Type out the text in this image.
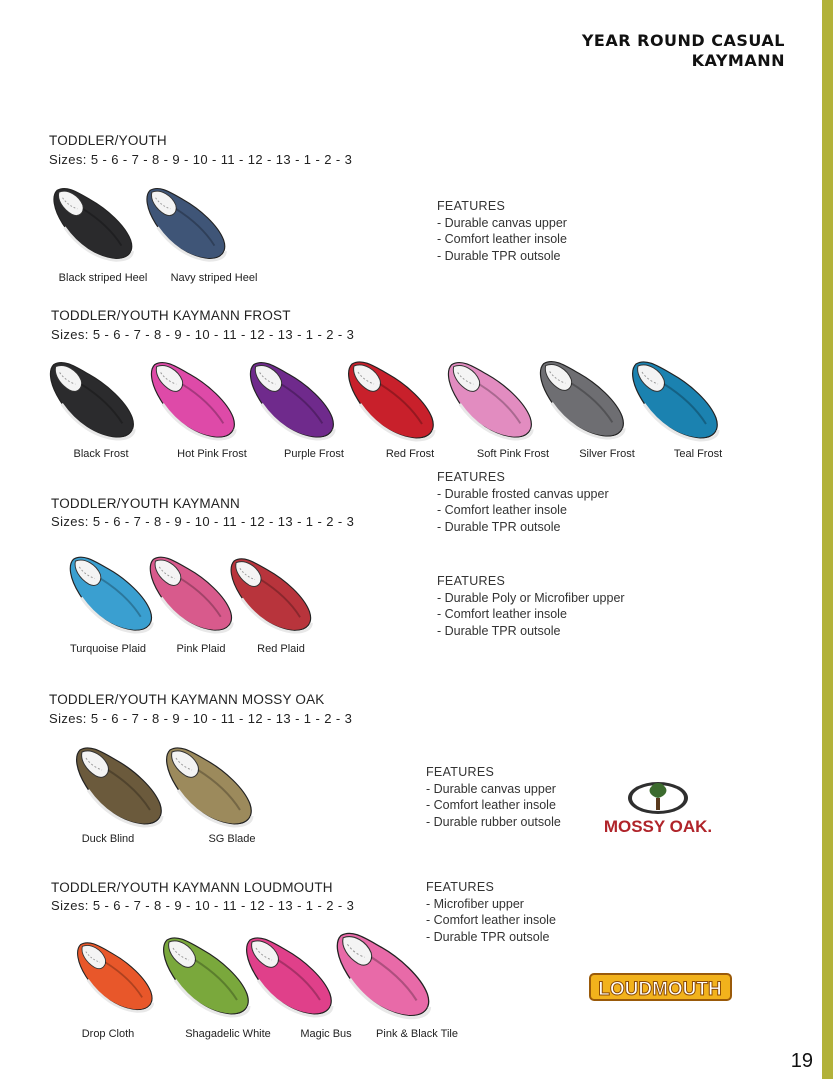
YEAR ROUND CASUAL
KAYMANN
TODDLER/YOUTH
Sizes: 5 - 6 - 7 - 8 - 9 - 10 - 11 - 12 - 13 - 1 - 2 - 3
FEATURES
- Durable canvas upper
- Comfort leather insole
- Durable TPR outsole
Black striped Heel Navy striped Heel
TODDLER/YOUTH KAYMANN FROST
Sizes: 5 - 6 - 7 - 8 - 9 - 10 - 11 - 12 - 13 - 1 - 2 - 3
Black Frost	Hot Pink Frost	Purple Frost	Red Frost	Soft Pink Frost	Silver Frost	Teal Frost
FEATURES
- Durable frosted canvas upper
- Comfort leather insole
- Durable TPR outsole
TODDLER/YOUTH KAYMANN
Sizes: 5 - 6 - 7 - 8 - 9 - 10 - 11 - 12 - 13 - 1 - 2 - 3
Turquoise Plaid	Pink Plaid	Red Plaid
FEATURES
- Durable Poly or Microfiber upper
- Comfort leather insole
- Durable TPR outsole
TODDLER/YOUTH KAYMANN MOSSY OAK
Sizes: 5 - 6 - 7 - 8 - 9 - 10 - 11 - 12 - 13 - 1 - 2 - 3
Duck Blind	SG Blade
FEATURES
- Durable canvas upper
- Comfort leather insole
- Durable rubber outsole	MOSSY OAK.
TODDLER/YOUTH KAYMANN LOUDMOUTH
Sizes: 5 - 6 - 7 - 8 - 9 - 10 - 11 - 12 - 13 - 1 - 2 - 3
Drop Cloth	Shagadelic White	Magic Bus Pink & Black Tile
FEATURES
- Microfiber upper
- Comfort leather insole
- Durable TPR outsole
LOUDMOUTH
19
